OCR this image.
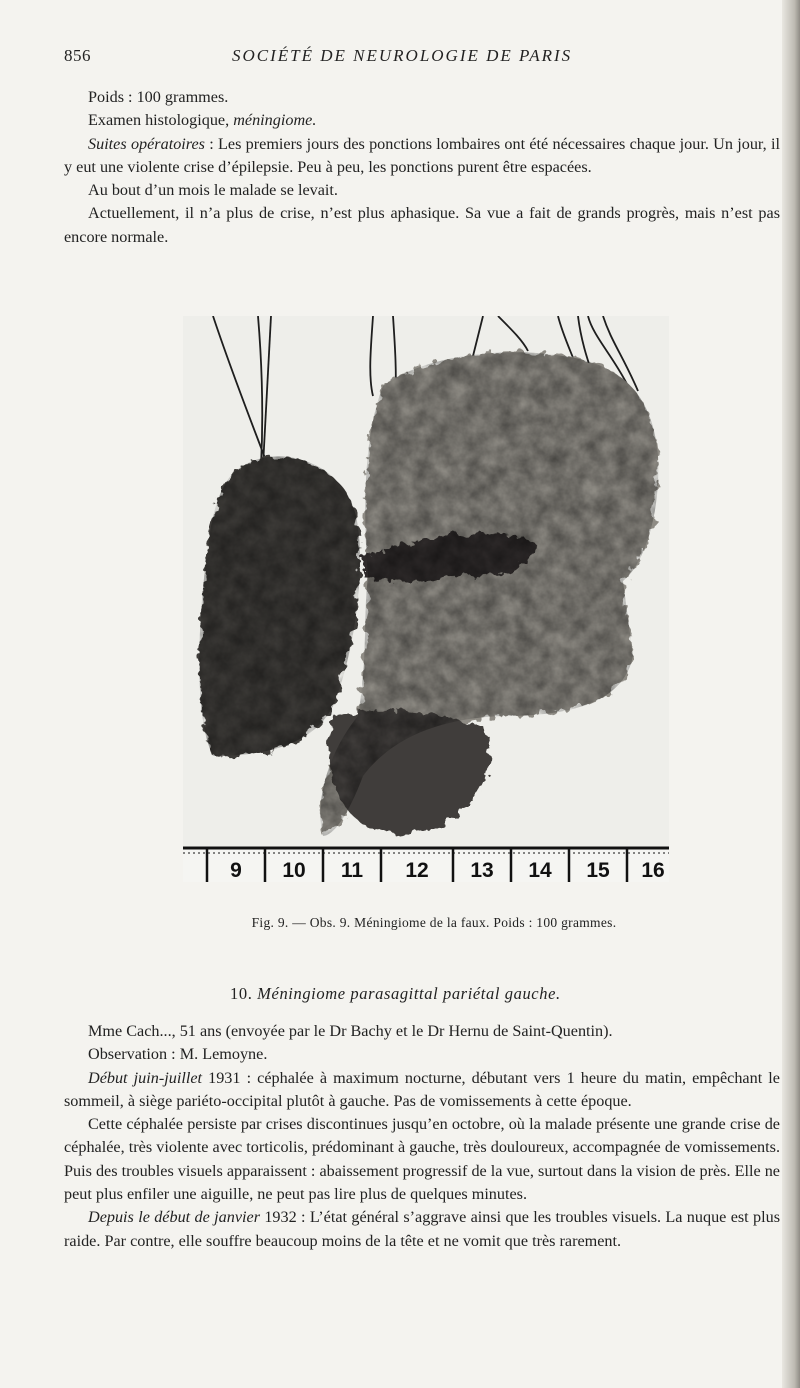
856	SOCIÉTÉ DE NEUROLOGIE DE PARIS

Poids : 100 grammes.

Examen histologique, méningiome.

Suites opératoires : Les premiers jours des ponctions lombaires ont été nécessaires chaque jour. Un jour, il y eut une violente crise d’épilepsie. Peu à peu, les ponctions purent être espacées.

Au bout d’un mois le malade se levait.

Actuellement, il n’a plus de crise, n’est plus aphasique. Sa vue a fait de grands progrès, mais n’est pas encore normale.

9 10 11 12 13 14 15 16
Fig. 9. — Obs. 9. Méningiome de la faux. Poids : 100 grammes.
10. Méningiome parasagittal pariétal gauche.

Mme Cach..., 51 ans (envoyée par le Dr Bachy et le Dr Hernu de Saint-Quentin).

Observation : M. Lemoyne.

Début juin-juillet 1931 : céphalée à maximum nocturne, débutant vers 1 heure du matin, empêchant le sommeil, à siège pariéto-occipital plutôt à gauche. Pas de vomissements à cette époque.

Cette céphalée persiste par crises discontinues jusqu’en octobre, où la malade présente une grande crise de céphalée, très violente avec torticolis, prédominant à gauche, très douloureux, accompagnée de vomissements. Puis des troubles visuels apparaissent : abaissement progressif de la vue, surtout dans la vision de près. Elle ne peut plus enfiler une aiguille, ne peut pas lire plus de quelques minutes.

Depuis le début de janvier 1932 : L’état général s’aggrave ainsi que les troubles visuels. La nuque est plus raide. Par contre, elle souffre beaucoup moins de la tête et ne vomit que très rarement.
